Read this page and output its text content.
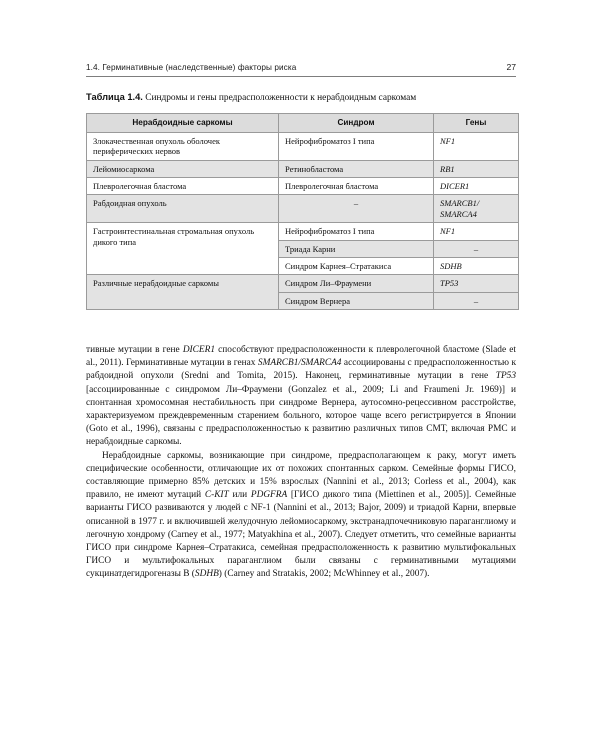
1.4. Герминативные (наследственные) факторы риска	27
Таблица 1.4. Синдромы и гены предрасположенности к нерабдоидным саркомам
Нерабдоидные саркомы	Синдром	Гены
Злокачественная опухоль оболочек периферических нервов	Нейрофиброматоз I типа	NF1
Лейомиосаркома	Ретинобластома	RB1
Плевролегочная бластома	Плевролегочная бластома	DICER1
Рабдоидная опухоль	–	SMARCB1/ SMARCA4
Гастроинтестинальная стромальная опухоль дикого типа	Нейрофиброматоз I типа	NF1
	Триада Карни	–
	Синдром Карнея–Стратакиса	SDHB
Различные нерабдоидные саркомы	Синдром Ли–Фраумени	TP53
	Синдром Вернера	–

тивные мутации в гене DICER1 способствуют предрасположенности к плевролегочной бластоме (Slade et al., 2011). Герминативные мутации в генах SMARCB1/SMARCA4 ассоциированы с предрасположенностью к рабдоидной опухоли (Sredni and Tomita, 2015). Наконец, герминативные мутации в гене TP53 [ассоциированные с синдромом Ли–Фраумени (Gonzalez et al., 2009; Li and Fraumeni Jr. 1969)] и спонтанная хромосомная нестабильность при синдроме Вернера, аутосомно-рецессивном расстройстве, характеризуемом преждевременным старением больного, которое чаще всего регистрируется в Японии (Goto et al., 1996), связаны с предрасположенностью к развитию различных типов СМТ, включая РМС и нерабдоидные саркомы.

Нерабдоидные саркомы, возникающие при синдроме, предрасполагающем к раку, могут иметь специфические особенности, отличающие их от похожих спонтанных сарком. Семейные формы ГИСО, составляющие примерно 85% детских и 15% взрослых (Nannini et al., 2013; Corless et al., 2004), как правило, не имеют мутаций C-KIT или PDGFRA [ГИСО дикого типа (Miettinen et al., 2005)]. Семейные варианты ГИСО развиваются у людей с NF-1 (Nannini et al., 2013; Bajor, 2009) и триадой Карни, впервые описанной в 1977 г. и включившей желудочную лейомиосаркому, экстранадпочечниковую параганглиому и легочную хондрому (Carney et al., 1977; Matyakhina et al., 2007). Следует отметить, что семейные варианты ГИСО при синдроме Карнея–Стратакиса, семейная предрасположенность к развитию мультифокальных ГИСО и мультифокальных параганглиом были связаны с герминативными мутациями сукцинатдегидрогеназы B (SDHB) (Carney and Stratakis, 2002; McWhinney et al., 2007).
